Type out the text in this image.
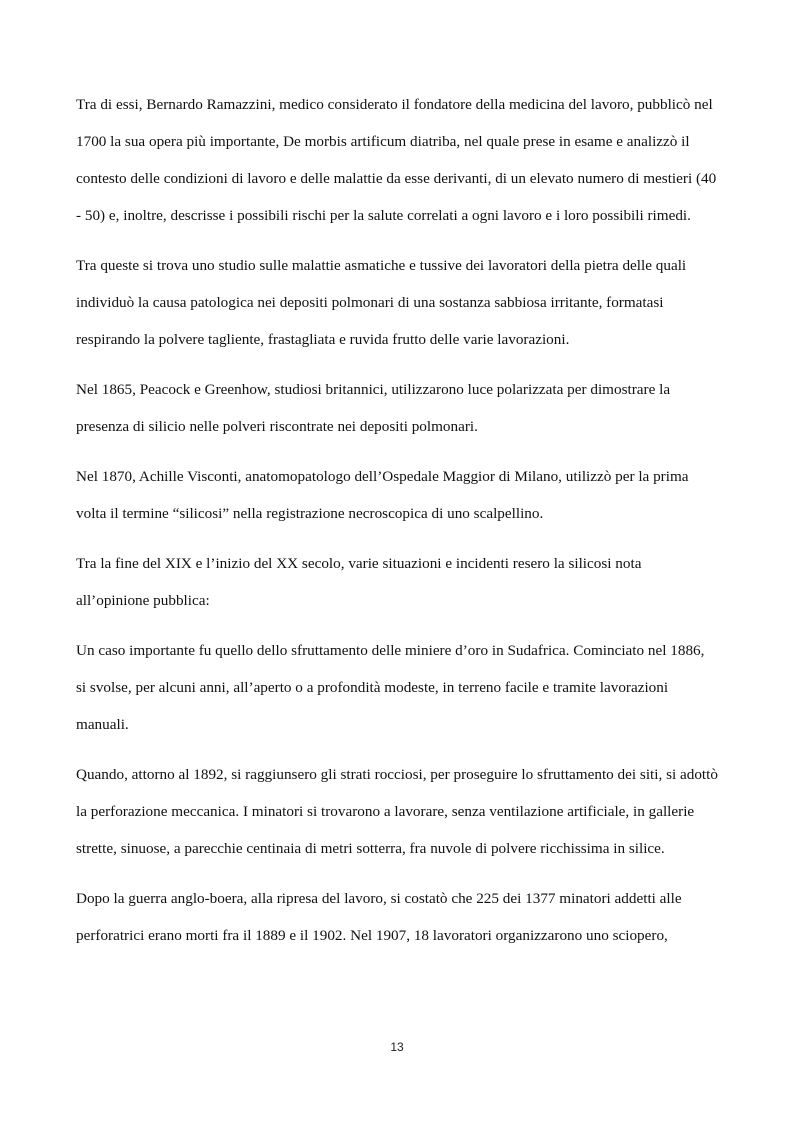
Tra di essi, Bernardo Ramazzini, medico considerato il fondatore della medicina del lavoro, pubblicò nel 1700 la sua opera più importante, De morbis artificum diatriba, nel quale prese in esame e analizzò il contesto delle condizioni di lavoro e delle malattie da esse derivanti, di un elevato numero di mestieri (40 - 50) e, inoltre, descrisse i possibili rischi per la salute correlati a ogni lavoro e i loro possibili rimedi.

Tra queste si trova uno studio sulle malattie asmatiche e tussive dei lavoratori della pietra delle quali individuò la causa patologica nei depositi polmonari di una sostanza sabbiosa irritante, formatasi respirando la polvere tagliente, frastagliata e ruvida frutto delle varie lavorazioni.

Nel 1865, Peacock e Greenhow, studiosi britannici, utilizzarono luce polarizzata per dimostrare la presenza di silicio nelle polveri riscontrate nei depositi polmonari.

Nel 1870, Achille Visconti, anatomopatologo dell’Ospedale Maggior di Milano, utilizzò per la prima volta il termine “silicosi” nella registrazione necroscopica di uno scalpellino.

Tra la fine del XIX e l’inizio del XX secolo, varie situazioni e incidenti resero la silicosi nota all’opinione pubblica:

Un caso importante fu quello dello sfruttamento delle miniere d’oro in Sudafrica. Cominciato nel 1886, si svolse, per alcuni anni, all’aperto o a profondità modeste, in terreno facile e tramite lavorazioni manuali.

Quando, attorno al 1892, si raggiunsero gli strati rocciosi, per proseguire lo sfruttamento dei siti, si adottò la perforazione meccanica. I minatori si trovarono a lavorare, senza ventilazione artificiale, in gallerie strette, sinuose, a parecchie centinaia di metri sotterra, fra nuvole di polvere ricchissima in silice.

Dopo la guerra anglo-boera, alla ripresa del lavoro, si costatò che 225 dei 1377 minatori addetti alle perforatrici erano morti fra il 1889 e il 1902. Nel 1907, 18 lavoratori organizzarono uno sciopero,

13
